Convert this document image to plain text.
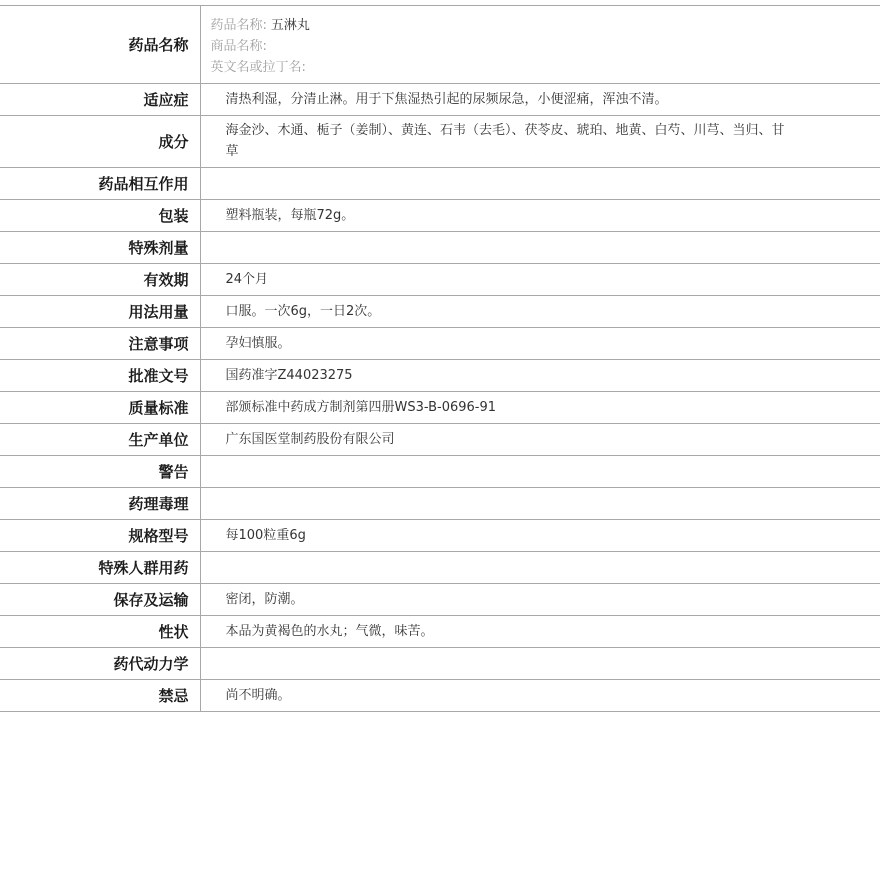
药品名称	药品名称: 五淋丸
商品名称:
英文名或拉丁名:

适应症	清热利湿，分清止淋。用于下焦湿热引起的尿频尿急，小便涩痛，浑浊不清。
成分	海金沙、木通、栀子（姜制）、黄连、石韦（去毛）、茯苓皮、琥珀、地黄、白芍、川芎、当归、甘草
药品相互作用	
包装	塑料瓶装，每瓶72g。
特殊剂量	
有效期	24个月
用法用量	口服。一次6g，一日2次。
注意事项	孕妇慎服。
批准文号	国药准字Z44023275
质量标准	部颁标准中药成方制剂第四册WS3-B-0696-91
生产单位	广东国医堂制药股份有限公司
警告	
药理毒理	
规格型号	每100粒重6g
特殊人群用药	
保存及运输	密闭，防潮。
性状	本品为黄褐色的水丸；气微，味苦。
药代动力学	
禁忌	尚不明确。
